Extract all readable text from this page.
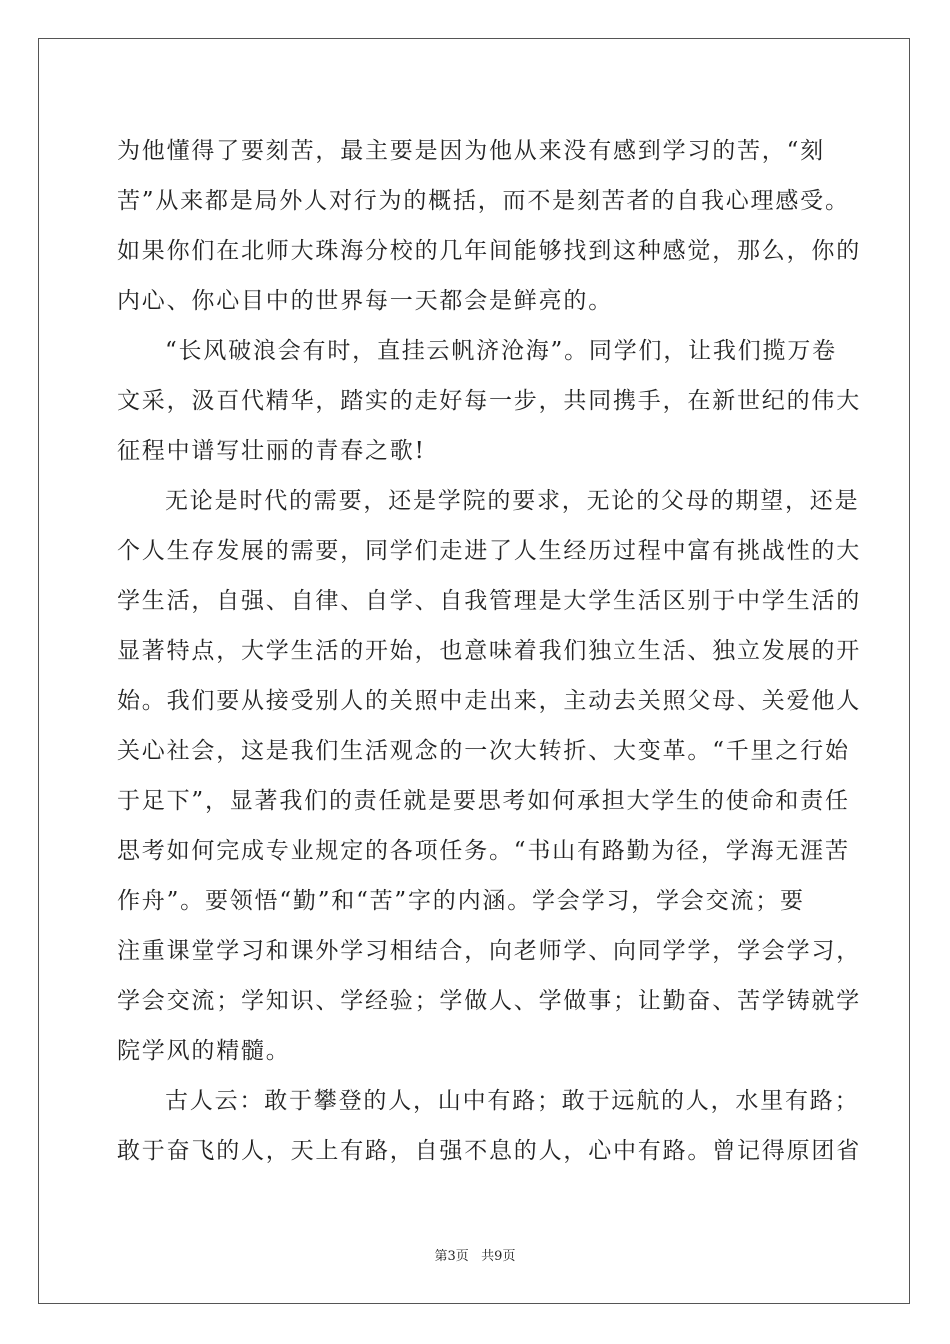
为他懂得了要刻苦，最主要是因为他从来没有感到学习的苦，“刻
苦”从来都是局外人对行为的概括，而不是刻苦者的自我心理感受。
如果你们在北师大珠海分校的几年间能够找到这种感觉，那么，你的
内心、你心目中的世界每一天都会是鲜亮的。
“长风破浪会有时，直挂云帆济沧海”。同学们，让我们揽万卷
文采，汲百代精华，踏实的走好每一步，共同携手，在新世纪的伟大
征程中谱写壮丽的青春之歌!
无论是时代的需要，还是学院的要求，无论的父母的期望，还是
个人生存发展的需要，同学们走进了人生经历过程中富有挑战性的大
学生活，自强、自律、自学、自我管理是大学生活区别于中学生活的
显著特点，大学生活的开始，也意味着我们独立生活、独立发展的开
始。我们要从接受别人的关照中走出来，主动去关照父母、关爱他人
关心社会，这是我们生活观念的一次大转折、大变革。“千里之行始
于足下”，显著我们的责任就是要思考如何承担大学生的使命和责任
思考如何完成专业规定的各项任务。“书山有路勤为径，学海无涯苦
作舟”。要领悟“勤”和“苦”字的内涵。学会学习，学会交流；要
注重课堂学习和课外学习相结合，向老师学、向同学学，学会学习，
学会交流；学知识、学经验；学做人、学做事；让勤奋、苦学铸就学
院学风的精髓。
古人云：敢于攀登的人，山中有路；敢于远航的人，水里有路；
敢于奋飞的人，天上有路，自强不息的人，心中有路。曾记得原团省
第3页   共9页
